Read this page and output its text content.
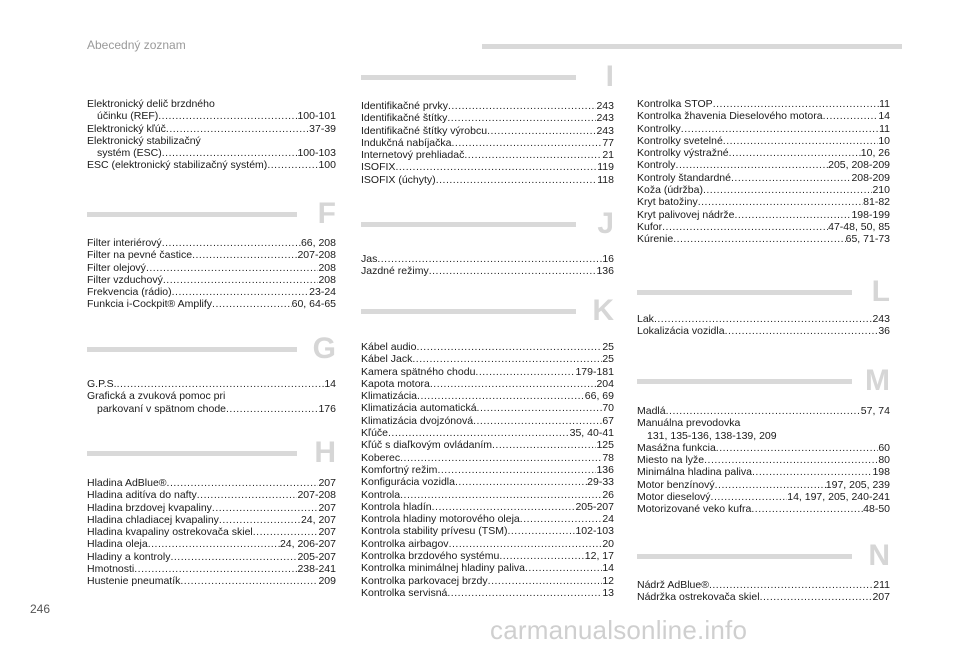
Abecedný zoznam
Elektronický delič brzdného
účinku (REF) .....	100-101
Elektronický kľúč .....	37-39
Elektronický stabilizačný
systém (ESC) .....	100-103
ESC (elektronický stabilizačný systém) .....	100
F
Filter interiérový .....	66, 208
Filter na pevné častice .....	207-208
Filter olejový .....	208
Filter vzduchový .....	208
Frekvencia (rádio) .....	23-24
Funkcia i-Cockpit® Amplify .....	60, 64-65
G
G.P.S. .....	14
Grafická a zvuková pomoc pri
parkovaní v spätnom chode .....	176
H
Hladina AdBlue® .....	207
Hladina aditíva do nafty .....	207-208
Hladina brzdovej kvapaliny .....	207
Hladina chladiacej kvapaliny .....	24, 207
Hladina kvapaliny ostrekovača skiel .....	207
Hladina oleja .....	24, 206-207
Hladiny a kontroly .....	205-207
Hmotnosti .....	238-241
Hustenie pneumatík .....	209
I
Identifikačné prvky .....	243
Identifikačné štítky .....	243
Identifikačné štítky výrobcu .....	243
Indukčná nabíjačka .....	77
Internetový prehliadač .....	21
ISOFIX .....	119
ISOFIX (úchyty) .....	118
J
Jas .....	16
Jazdné režimy .....	136
K
Kábel audio .....	25
Kábel Jack .....	25
Kamera spätného chodu .....	179-181
Kapota motora .....	204
Klimatizácia .....	66, 69
Klimatizácia automatická .....	70
Klimatizácia dvojzónová .....	67
Kľúče .....	35, 40-41
Kľúč s diaľkovým ovládaním .....	125
Koberec .....	78
Komfortný režim .....	136
Konfigurácia vozidla .....	29-33
Kontrola .....	26
Kontrola hladín .....	205-207
Kontrola hladiny motorového oleja .....	24
Kontrola stability prívesu (TSM) .....	102-103
Kontrolka airbagov .....	20
Kontrolka brzdového systému .....	12, 17
Kontrolka minimálnej hladiny paliva .....	14
Kontrolka parkovacej brzdy .....	12
Kontrolka servisná .....	13
Kontrolka STOP .....	11
Kontrolka žhavenia Dieselového motora .....	14
Kontrolky .....	11
Kontrolky svetelné .....	10
Kontrolky výstražné .....	10, 26
Kontroly .....	205, 208-209
Kontroly štandardné .....	208-209
Koža (údržba) .....	210
Kryt batožiny .....	81-82
Kryt palivovej nádrže .....	198-199
Kufor .....	47-48, 50, 85
Kúrenie .....	65, 71-73
L
Lak .....	243
Lokalizácia vozidla .....	36
M
Madlá .....	57, 74
Manuálna prevodovka
131, 135-136, 138-139, 209
Masážna funkcia .....	60
Miesto na lyže .....	80
Minimálna hladina paliva .....	198
Motor benzínový .....	197, 205, 239
Motor dieselový .....	14, 197, 205, 240-241
Motorizované veko kufra .....	48-50
N
Nádrž AdBlue® .....	211
Nádržka ostrekovača skiel .....	207
246
carmanualsonline.info
